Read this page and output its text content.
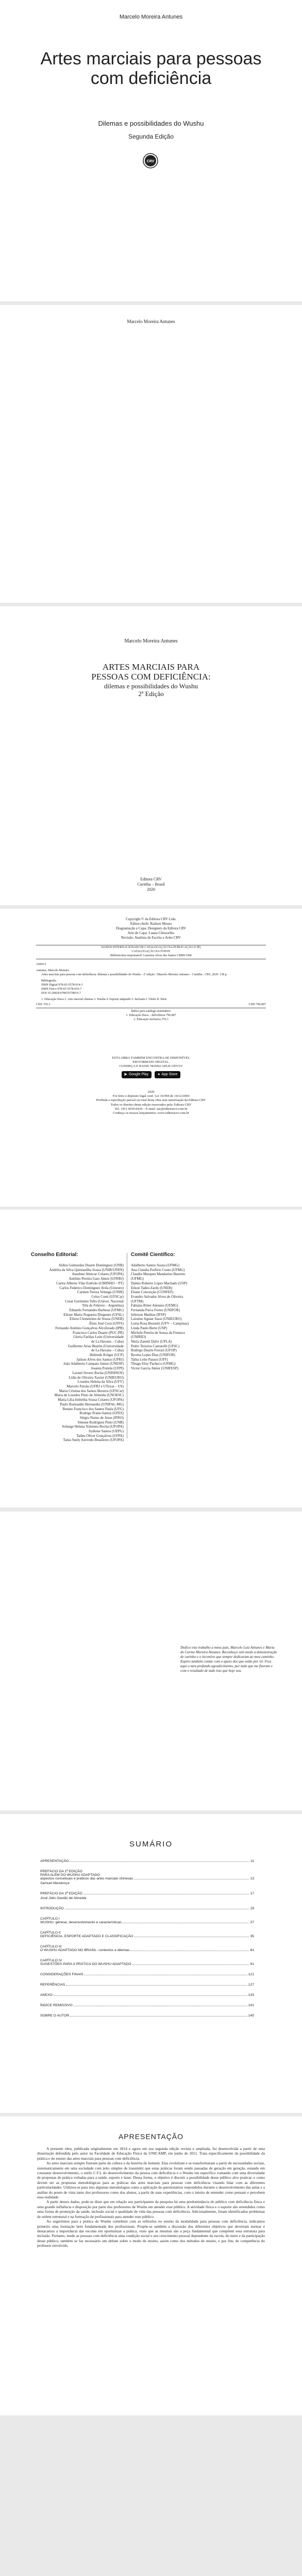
Marcelo Moreira Antunes
Artes marciais para pessoas com deficiência
Dilemas e possibilidades do Wushu
Segunda Edição
CRV
Marcelo Moreira Antunes
Marcelo Moreira Antunes
ARTES MARCIAIS PARA
PESSOAS COM DEFICIÊNCIA:
dilemas e possibilidades do Wushu
2ª Edição
Editora CRV
Curitiba – Brasil
2020
Copyright © da Editora CRV Ltda.
Editor-chefe: Railson Moura
Diagramação e Capa: Designers da Editora CRV
Arte de Capa: Luana Chiesorbio
Revisão: Analista de Escrita e Artes CRV
DADOS INTERNACIONAIS DE CATALOGAÇÃO NA PUBLICAÇÃO (CIP)
CATALOGAÇÃO NA FONTE
Bibliotecária responsável: Luzenira Alves dos Santos CRB9/1506
A66613
Antunes, Marcelo Moreira
Artes marciais para pessoas com deficiência: dilemas e possibilidades do Wushu - 2ª edição / Marcelo Moreira Antunes – Curitiba : CRV, 2020. 138 p.
Bibliografia
ISBN Digital 978-65-5578-014-3
ISBN Físico 978-65-5578-016-7
DOI 10.24824/978655578016.7
1. Educação física 2. Arte marcial chinesa 3. Wushu 4. Esporte adaptado 5. Inclusão I. Título II. Série
CDU 376.3	CDD 796.807
Índice para catálogo sistemático
1. Educação física – deficiência 796.807
2. Educação inclusiva 376.3
ESTA OBRA TAMBÉM ENCONTRA-SE DISPONÍVEL
EM FORMATO DIGITAL.
CONHEÇA E BAIXE NOSSO APLICATIVO!
▶ Google Play	● App Store
2020
Foi feito o depósito legal conf. Lei 10.994 de 14/12/2004
Proibida a reprodução parcial ou total desta obra sem autorização da Editora CRV
Todos os direitos desta edição reservados pela: Editora CRV
Tel.: (41) 3039-6418 – E-mail: sac@editoracrv.com.br
Conheça os nossos lançamentos: www.editoracrv.com.br
Conselho Editorial:	Comitê Científico:
Aldira Guimarães Duarte Domínguez (UNB)
Andréia da Silva Quintanilha Sousa (UNIR/UFRN)
Anselmo Alencar Colares (UFOPA)
Antônio Pereira Gaio Júnior (UFRRJ)
Carlos Alberto Vilar Estêvão (UMINHO – PT)
Carlos Federico Dominguez Avila (Unieuro)
Carmen Tereza Velanga (UNIR)
Celso Conti (UFSCar)
Cesar Gerónimo Tello (Univer. Nacional
Três de Febrero – Argentina)
Eduardo Fernandes Barbosa (UFMG)
Elione Maria Nogueira Diogenes (UFAL)
Elizeu Clementino de Souza (UNEB)
Élsio José Corá (UFFS)
Fernando Antônio Gonçalves Alcoforado (IPB)
Francisco Carlos Duarte (PUC-PR)
Gloria Fariñas León (Universidade
de La Havana – Cuba)
Guillermo Arias Beatón (Universidade
de La Havana – Cuba)
Helmuth Krüger (UCP)
Jailson Alves dos Santos (UFRJ)
João Adalberto Campato Junior (UNESP)
Josania Portela (UFPI)
Leonel Severo Rocha (UNISINOS)
Lídia de Oliveira Xavier (UNIEURO)
Lourdes Helena da Silva (UFV)
Marcelo Paixão (UFRJ e UTexas – US)
Maria Cristina dos Santos Bezerra (UFSCar)
Maria de Lourdes Pinto de Almeida (UNOESC)
Maria Lília Imbiriba Sousa Colares (UFOPA)
Paulo Romualdo Hernandes (UNIFAL-MG)
Renato Francisco dos Santos Paula (UFG)
Rodrigo Pratte-Santos (UFES)
Sérgio Nunes de Jesus (IFRO)
Simone Rodrigues Pinto (UNB)
Solange Helena Ximenes-Rocha (UFOPA)
Sydione Santos (UEPG)
Tadeu Oliver Gonçalves (UFPA)
Tania Suely Azevedo Brasileiro (UFOPA)
Adalberto Santos Souza (UFMG)
Ana Claudia Porfirio Couto (UFMG)
Claudio Marques Mandarino Barretto
(UFMG)
Dalmo Roberto Lopes Machado (USP)
Edson Tadeu Zardo (UNEB)
Eliane Conceição (CONFEF)
Evandro Salvador Alves de Oliveira
(UFTM)
Fabiana Ritter Antunes (UEMG)
Fernanda Paiva Fortes (UNIFOR)
Jeferson Mathias (IFSP)
Lairaine Aguiar Sassi (UNIEURO)
Luzia Rosa Buzzetti (UFV – Campinas)
Linda Paulo Berte (USP)
Michele Pereira de Souza da Fonseca
(UNIRIO)
Núria Zanetti Dalvi (UFLA)
Pedro Teixeira Cantarelli (UFSC)
Rodrigo Duarte Ferrari (UFOP)
Ryoma Lopes Dias (UNIFOR)
Talita Leite Passos (UFF)
Thiago Eloy Pacheco (UFMG)
Victor Garcia Júnior (UNIFESP)
Dedico este trabalho a meus pais, Marcelo Luiz Antunes e Maria do Carmo Moreira Antunes. Reconheço sem medo a demonstração de carinho e o incentivo que sempre dedicaram ao meu caminho. Espero também contar com o apoio dos que estão por vir. Fica aqui o meu profundo agradecimento, por tudo que me fizeram e com o resultado de tudo isso que hoje sou.
SUMÁRIO
APRESENTAÇÃO	11
PREFÁCIO DA 1ª EDIÇÃO
PARA ALÉM DO WUSHU ADAPTADO:
aspectos conceituais e práticos das artes marciais chinesas	13
Samuel Mendonça
PREFÁCIO DA 2ª EDIÇÃO	17
José Júlio Gavião de Almeida
INTRODUÇÃO	19
CAPÍTULO I
WUSHU: gênese, desenvolvimento e características	27
CAPÍTULO II
DEFICIÊNCIA, ESPORTE ADAPTADO E CLASSIFICAÇÃO	35
CAPÍTULO III
O WUSHU ADAPTADO NO BRASIL: contextos e dilemas	81
CAPÍTULO IV
SUGESTÕES PARA A PRÁTICA DO WUSHU ADAPTADO	91
CONSIDERAÇÕES FINAIS	121
REFERÊNCIAS	127
ANEXO	133
ÍNDICE REMISSIVO	141
SOBRE O AUTOR	145
APRESENTAÇÃO

A presente obra, publicada originalmente em 2014 e agora em sua segunda edição revista e ampliada, foi desenvolvida a partir de uma dissertação defendida pelo autor na Faculdade de Educação Física da UNICAMP, em junho de 2011. Trata especificamente da possibilidade da prática e do ensino das artes marciais para pessoas com deficiência.

As artes marciais sempre fizeram parte da cultura e da história do homem. Elas evoluíram e se transformaram a partir de necessidades sociais, sistematicamente em uma sociedade com jeito simples de transmitir que estas práticas foram sendo passadas de geração em geração, estando em constante desenvolvimento, o estilo C.F.L do desenvolvimento da pessoa com deficiência e o Wushu em específico contando com uma diversidade de propostas de prática voltadas para a saúde, esporte e lazer. Dessa forma, o objetivo é discutir a possibilidade desse público alvo praticar, e como devem ser as propostas metodológicas para as práticas das artes marciais para pessoas com deficiência visando lidar com as diferentes particularidades. Utilizou-se para isso algumas metodologias como a aplicação de questionários respondidos durante o desenvolvimento das aulas e a análise do ponto de vista tanto dos professores como dos alunos, a partir de suas experiências, com o intuito de entender como pensam e percebem essa realidade.

A partir desses dados, pode-se dizer que em relação aos participantes da pesquisa há uma predominância do público com deficiência física e uma grande influência e disposição por parte dos professores de Wushu em atender esse público. A atividade física e o esporte são entendidos como uma forma de promoção da saúde, inclusão social e qualidade de vida das pessoas com deficiência. Adicionalmente, foram identificados problemas de ordem estrutural e na formação de profissionais para atender esse público.

Ao sugerirmos para a prática do Wushu contribuir com as reflexões no ensino da modalidade para pessoas com deficiência, indicamos primeiro uma formação bem fundamentada dos profissionais. Propõe-se também a discussão dos diferentes objetivos que deveriam nortear e destacamos a importância das escolas em oportunizar a prática, visto que as mesmas são a peça fundamental que compõem essa estrutura para inclusão. Portanto, tendo as pessoas com deficiência uma condição social e seu crescimento pessoal dependente da escola, do meio e da participação desse público, também se faz necessário um debate sobre o modo de ensino, assim como dos métodos de ensino, e por fim, de competência do professor envolvido.
